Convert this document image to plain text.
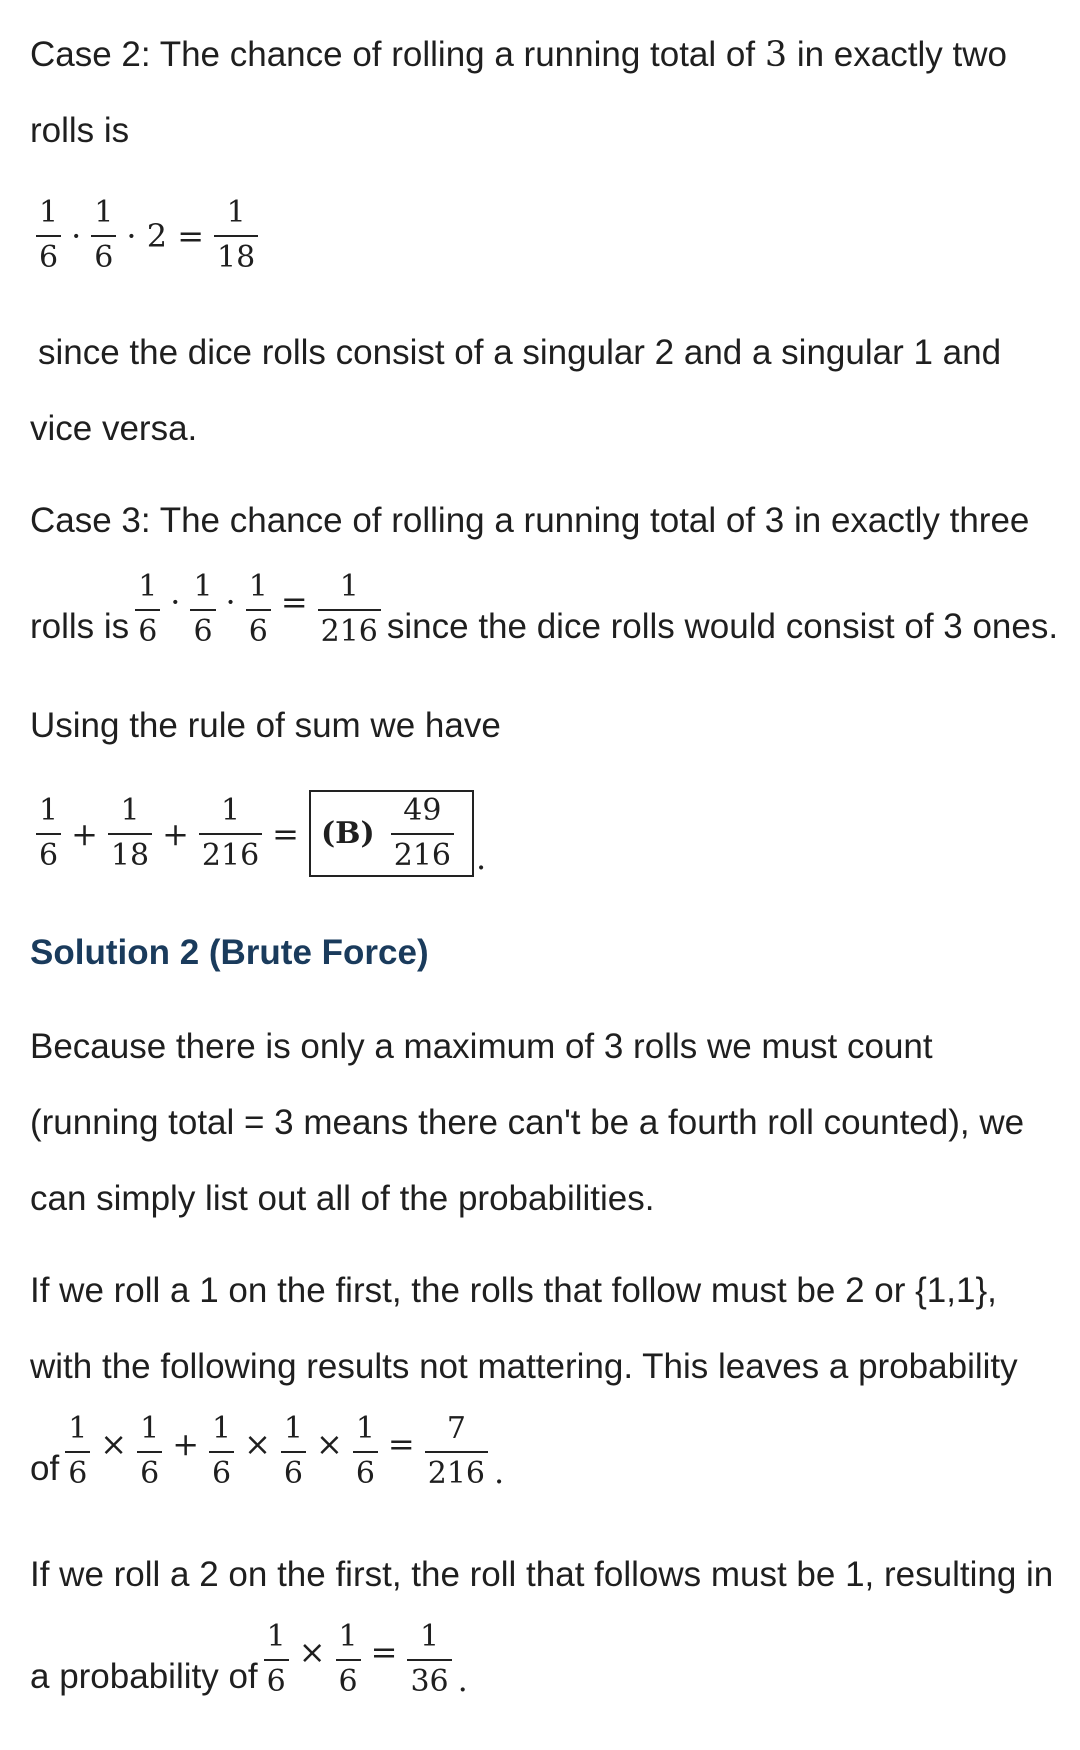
Case 2: The chance of rolling a running total of 3 in exactly two
rolls is
$\frac{1}{6} \cdot \frac{1}{6} \cdot 2 = \frac{1}{18}$
since the dice rolls consist of a singular 2 and a singular 1 and
vice versa.
Case 3: The chance of rolling a running total of 3 in exactly three
rolls is $\frac{1}{6} \cdot \frac{1}{6} \cdot \frac{1}{6} = \frac{1}{216}$ since the dice rolls would consist of 3 ones.
Using the rule of sum we have
$\frac{1}{6} + \frac{1}{18} + \frac{1}{216} = (B) \frac{49}{216}$ .
Solution 2 (Brute Force)
Because there is only a maximum of 3 rolls we must count
(running total = 3 means there can't be a fourth roll counted), we
can simply list out all of the probabilities.
If we roll a 1 on the first, the rolls that follow must be 2 or {1,1},
with the following results not mattering. This leaves a probability
of $\frac{1}{6} \times \frac{1}{6} + \frac{1}{6} \times \frac{1}{6} \times \frac{1}{6} = \frac{7}{216}$ .
If we roll a 2 on the first, the roll that follows must be 1, resulting in
a probability of $\frac{1}{6} \times \frac{1}{6} = \frac{1}{36}$ .
